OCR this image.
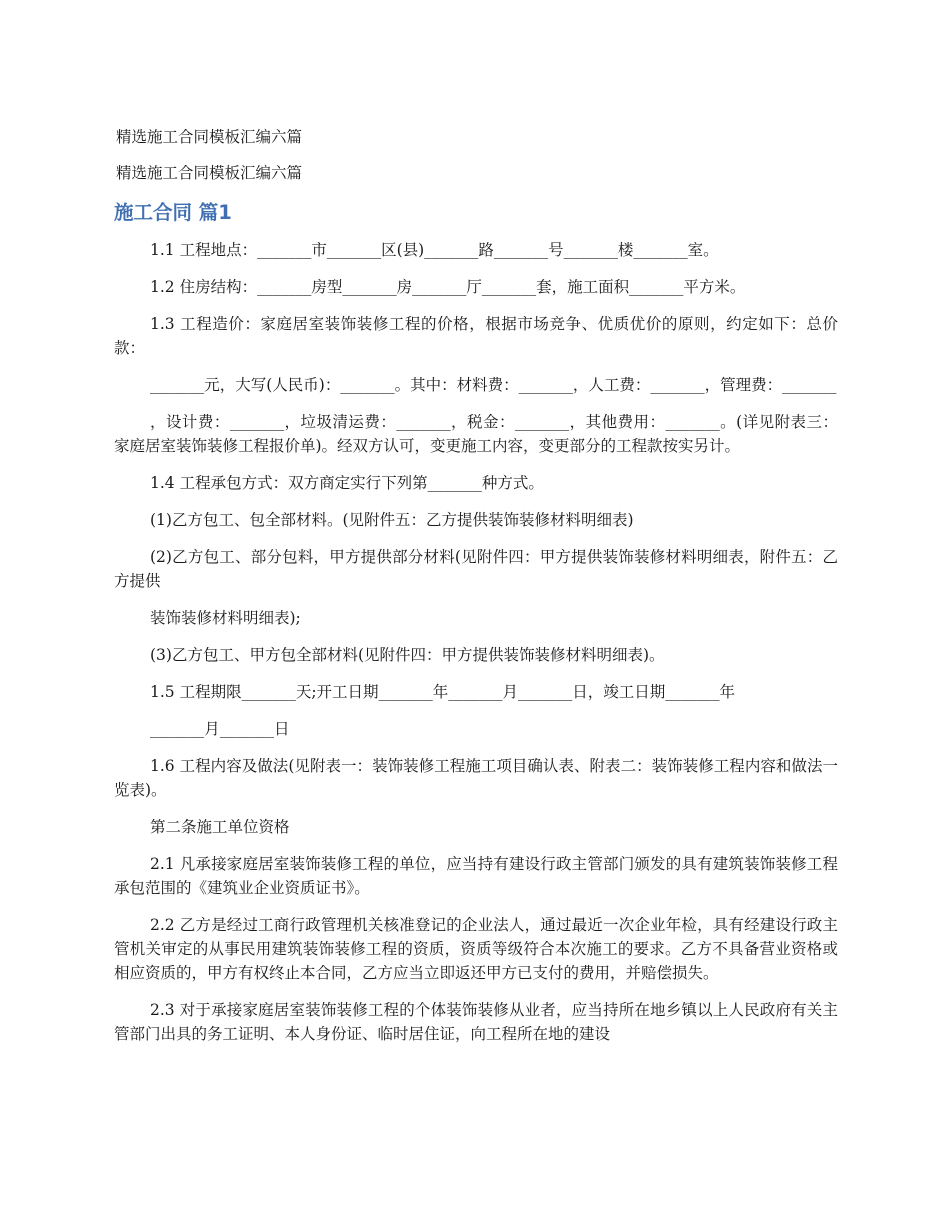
精选施工合同模板汇编六篇
精选施工合同模板汇编六篇
施工合同 篇1

1.1 工程地点：_______市_______区(县)_______路_______号_______楼_______室。

1.2 住房结构：_______房型_______房_______厅_______套，施工面积_______平方米。

1.3 工程造价：家庭居室装饰装修工程的价格，根据市场竞争、优质优价的原则，约定如下：总价款：

_______元，大写(人民币)：_______。其中：材料费：_______，人工费：_______，管理费：_______

，设计费：_______，垃圾清运费：_______，税金：_______，其他费用：_______。(详见附表三：家庭居室装饰装修工程报价单)。经双方认可，变更施工内容，变更部分的工程款按实另计。

1.4 工程承包方式：双方商定实行下列第_______种方式。

(1)乙方包工、包全部材料。(见附件五：乙方提供装饰装修材料明细表)

(2)乙方包工、部分包料，甲方提供部分材料(见附件四：甲方提供装饰装修材料明细表，附件五：乙方提供

装饰装修材料明细表);

(3)乙方包工、甲方包全部材料(见附件四：甲方提供装饰装修材料明细表)。

1.5 工程期限_______天;开工日期_______年_______月_______日，竣工日期_______年

_______月_______日

1.6 工程内容及做法(见附表一：装饰装修工程施工项目确认表、附表二：装饰装修工程内容和做法一览表)。

第二条施工单位资格

2.1 凡承接家庭居室装饰装修工程的单位，应当持有建设行政主管部门颁发的具有建筑装饰装修工程承包范围的《建筑业企业资质证书》。

2.2 乙方是经过工商行政管理机关核准登记的企业法人，通过最近一次企业年检，具有经建设行政主管机关审定的从事民用建筑装饰装修工程的资质，资质等级符合本次施工的要求。乙方不具备营业资格或相应资质的，甲方有权终止本合同，乙方应当立即返还甲方已支付的费用，并赔偿损失。

2.3 对于承接家庭居室装饰装修工程的个体装饰装修从业者，应当持所在地乡镇以上人民政府有关主管部门出具的务工证明、本人身份证、临时居住证，向工程所在地的建设
